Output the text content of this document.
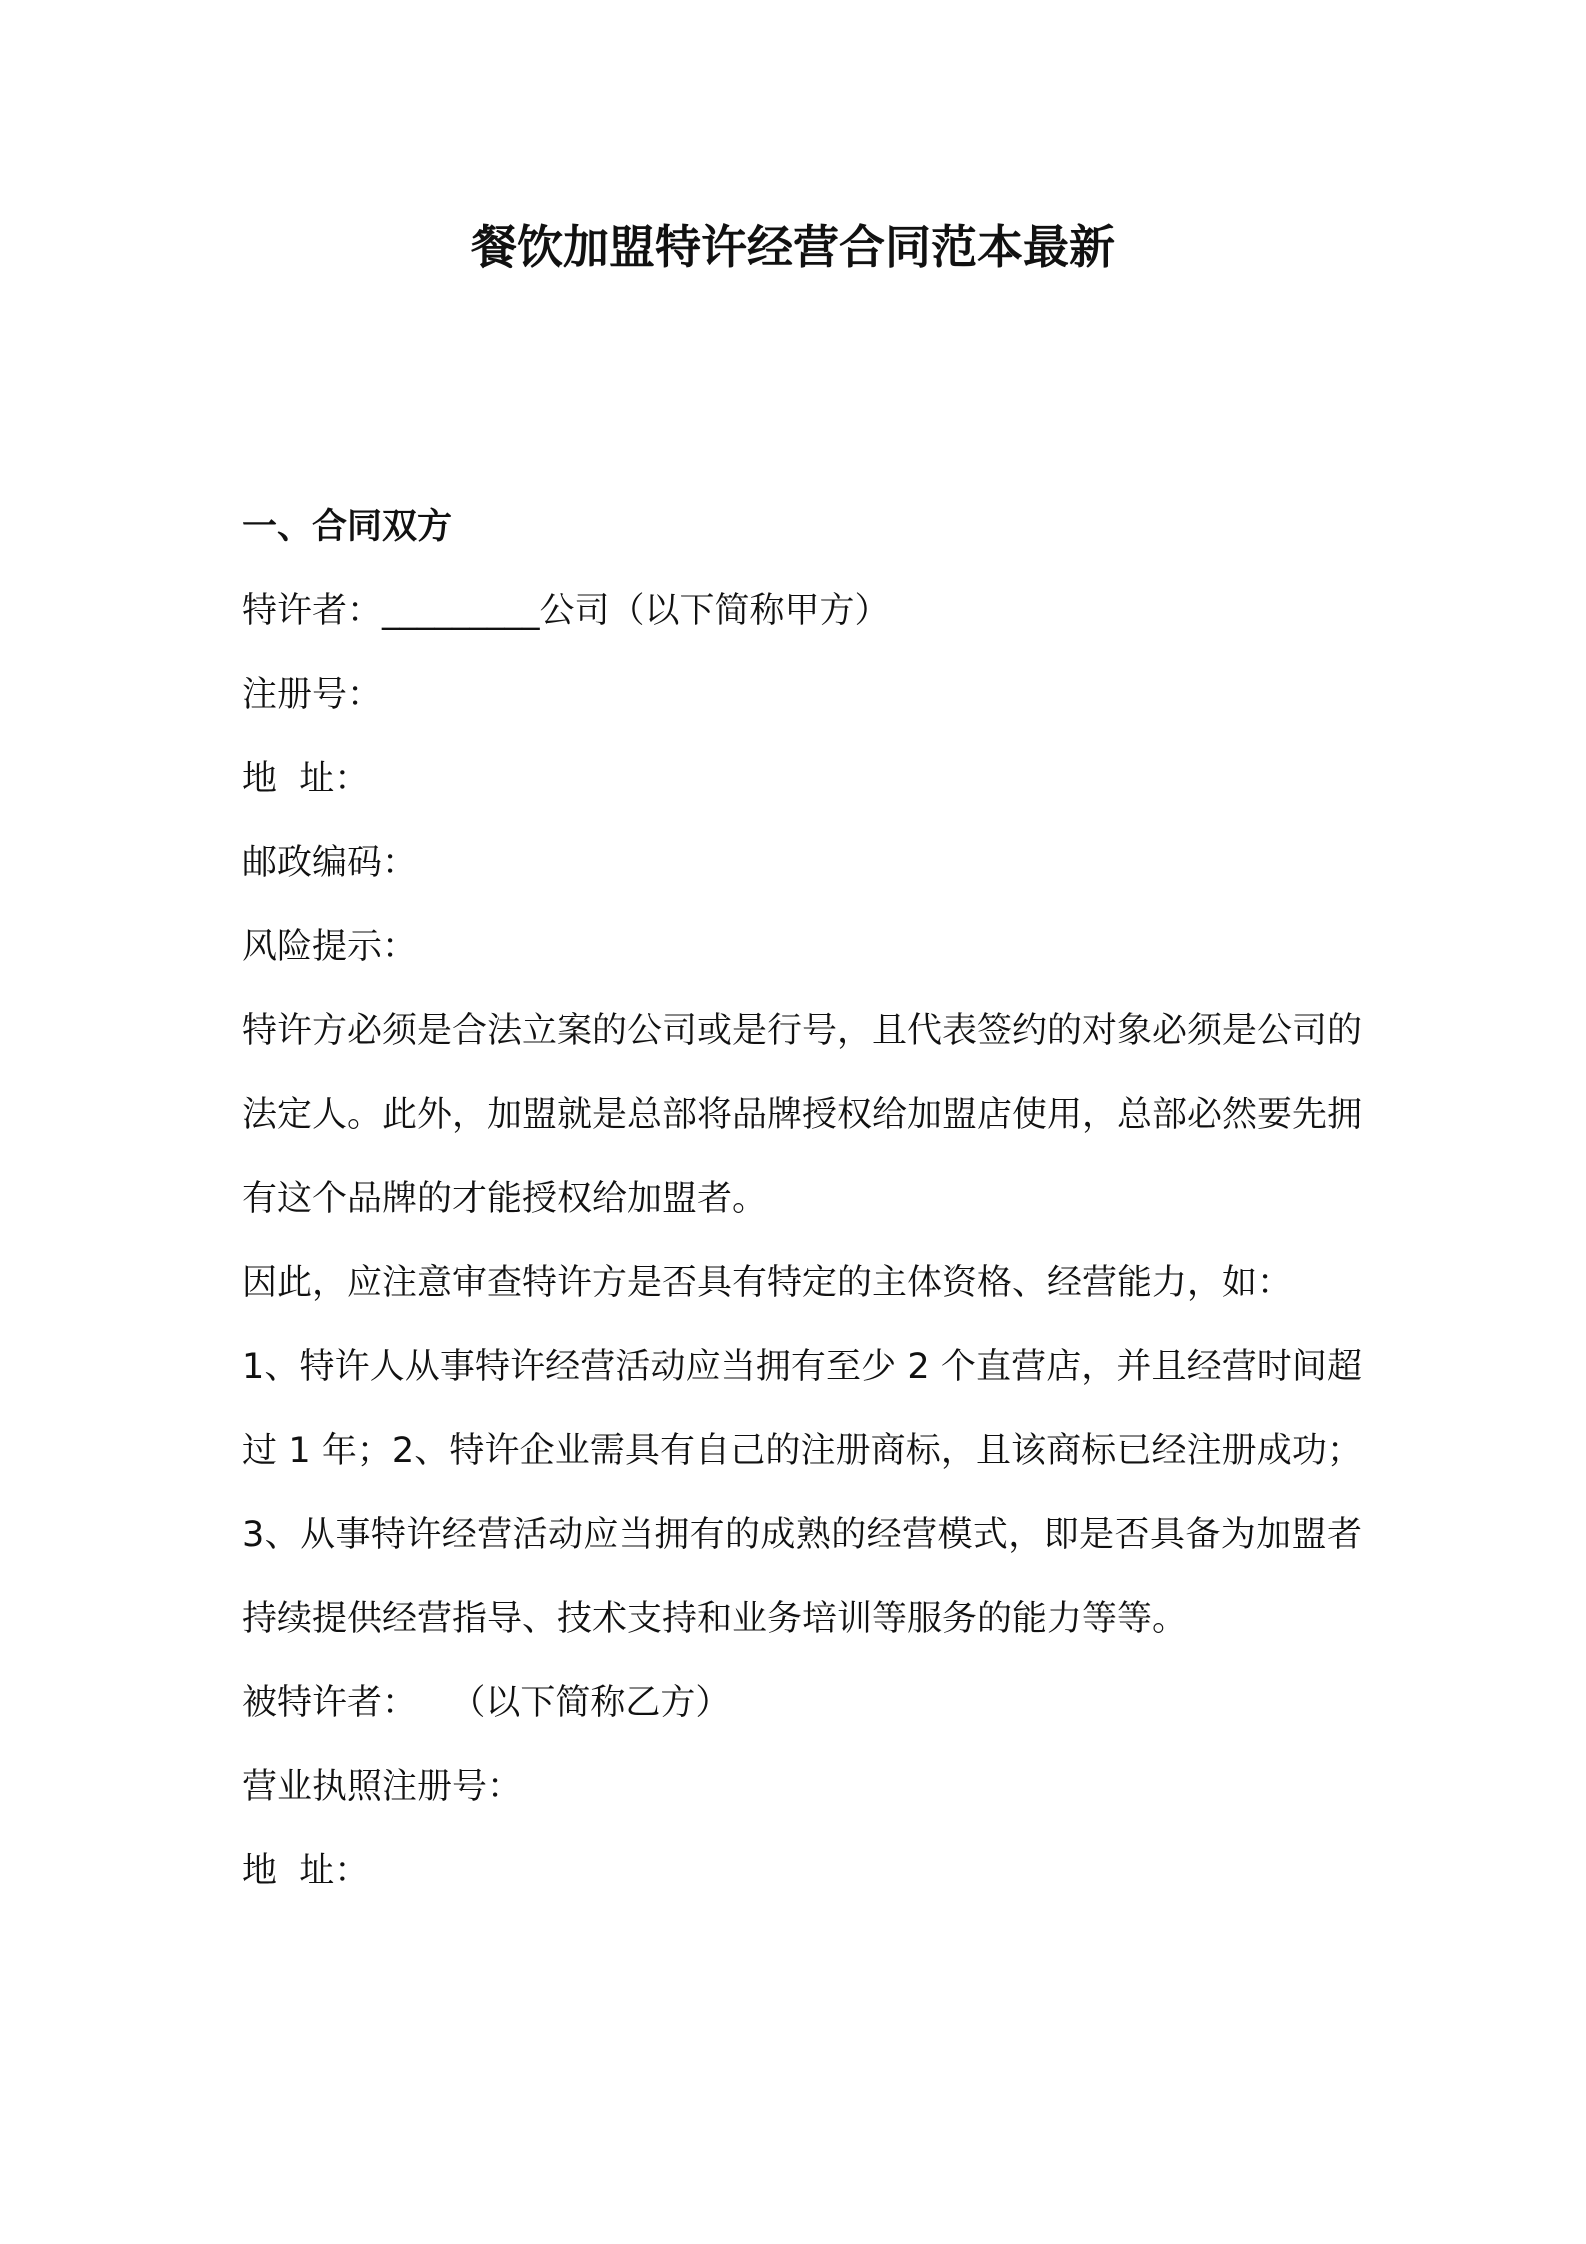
餐饮加盟特许经营合同范本最新
一、合同双方
特许者：_________公司（以下简称甲方）
注册号：
地  址：
邮政编码：
风险提示：
特许方必须是合法立案的公司或是行号，且代表签约的对象必须是公司的法定人。此外，加盟就是总部将品牌授权给加盟店使用，总部必然要先拥有这个品牌的才能授权给加盟者。
因此，应注意审查特许方是否具有特定的主体资格、经营能力，如：
1、特许人从事特许经营活动应当拥有至少 2 个直营店，并且经营时间超过 1 年；2、特许企业需具有自己的注册商标，且该商标已经注册成功；3、从事特许经营活动应当拥有的成熟的经营模式，即是否具备为加盟者持续提供经营指导、技术支持和业务培训等服务的能力等等。
被特许者：   （以下简称乙方）
营业执照注册号：
地  址：
